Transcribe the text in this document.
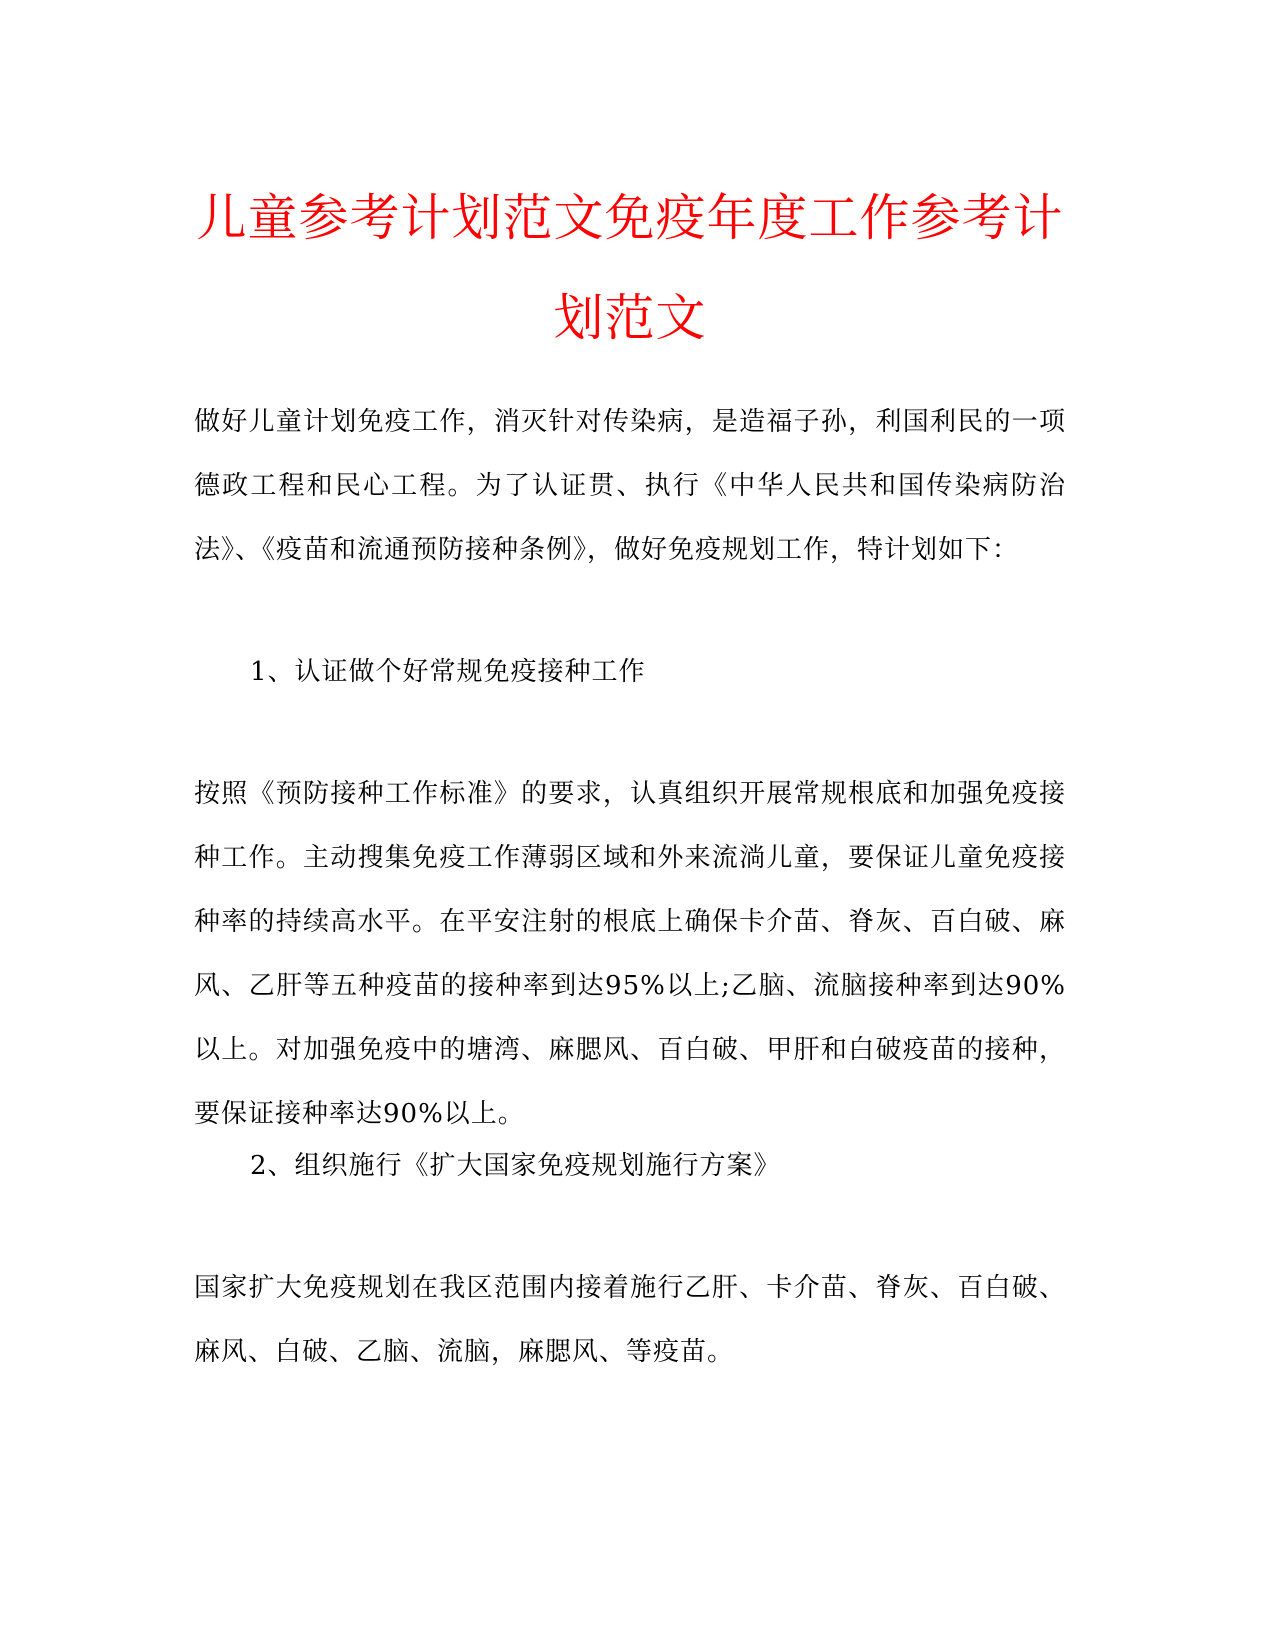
儿童参考计划范文免疫年度工作参考计划范文

做好儿童计划免疫工作，消灭针对传染病，是造福子孙，利国利民的一项德政工程和民心工程。为了认证贯、执行《中华人民共和国传染病防治法》、《疫苗和流通预防接种条例》，做好免疫规划工作，特计划如下：

1、认证做个好常规免疫接种工作

按照《预防接种工作标准》的要求，认真组织开展常规根底和加强免疫接种工作。主动搜集免疫工作薄弱区域和外来流淌儿童，要保证儿童免疫接种率的持续高水平。在平安注射的根底上确保卡介苗、脊灰、百白破、麻风、乙肝等五种疫苗的接种率到达95%以上;乙脑、流脑接种率到达90%以上。对加强免疫中的塘湾、麻腮风、百白破、甲肝和白破疫苗的接种，要保证接种率达90%以上。

2、组织施行《扩大国家免疫规划施行方案》

国家扩大免疫规划在我区范围内接着施行乙肝、卡介苗、脊灰、百白破、麻风、白破、乙脑、流脑，麻腮风、等疫苗。
